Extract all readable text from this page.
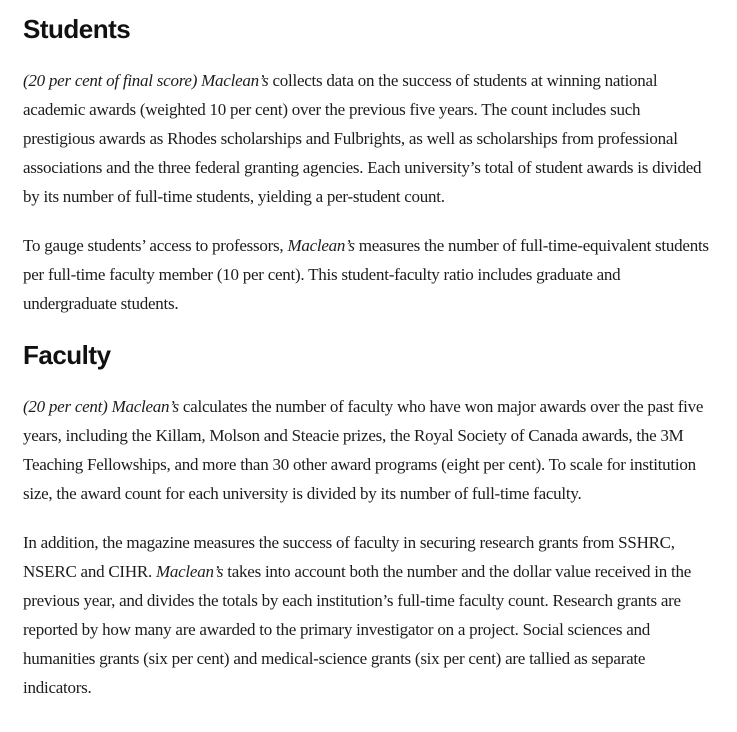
Students

(20 per cent of final score) Maclean’s collects data on the success of students at winning national academic awards (weighted 10 per cent) over the previous five years. The count includes such prestigious awards as Rhodes scholarships and Fulbrights, as well as scholarships from professional associations and the three federal granting agencies. Each university’s total of student awards is divided by its number of full-time students, yielding a per-student count.

To gauge students’ access to professors, Maclean’s measures the number of full-time-equivalent students per full-time faculty member (10 per cent). This student-faculty ratio includes graduate and undergraduate students.

Faculty

(20 per cent) Maclean’s calculates the number of faculty who have won major awards over the past five years, including the Killam, Molson and Steacie prizes, the Royal Society of Canada awards, the 3M Teaching Fellowships, and more than 30 other award programs (eight per cent). To scale for institution size, the award count for each university is divided by its number of full-time faculty.

In addition, the magazine measures the success of faculty in securing research grants from SSHRC, NSERC and CIHR. Maclean’s takes into account both the number and the dollar value received in the previous year, and divides the totals by each institution’s full-time faculty count. Research grants are reported by how many are awarded to the primary investigator on a project. Social sciences and humanities grants (six per cent) and medical-science grants (six per cent) are tallied as separate indicators.
